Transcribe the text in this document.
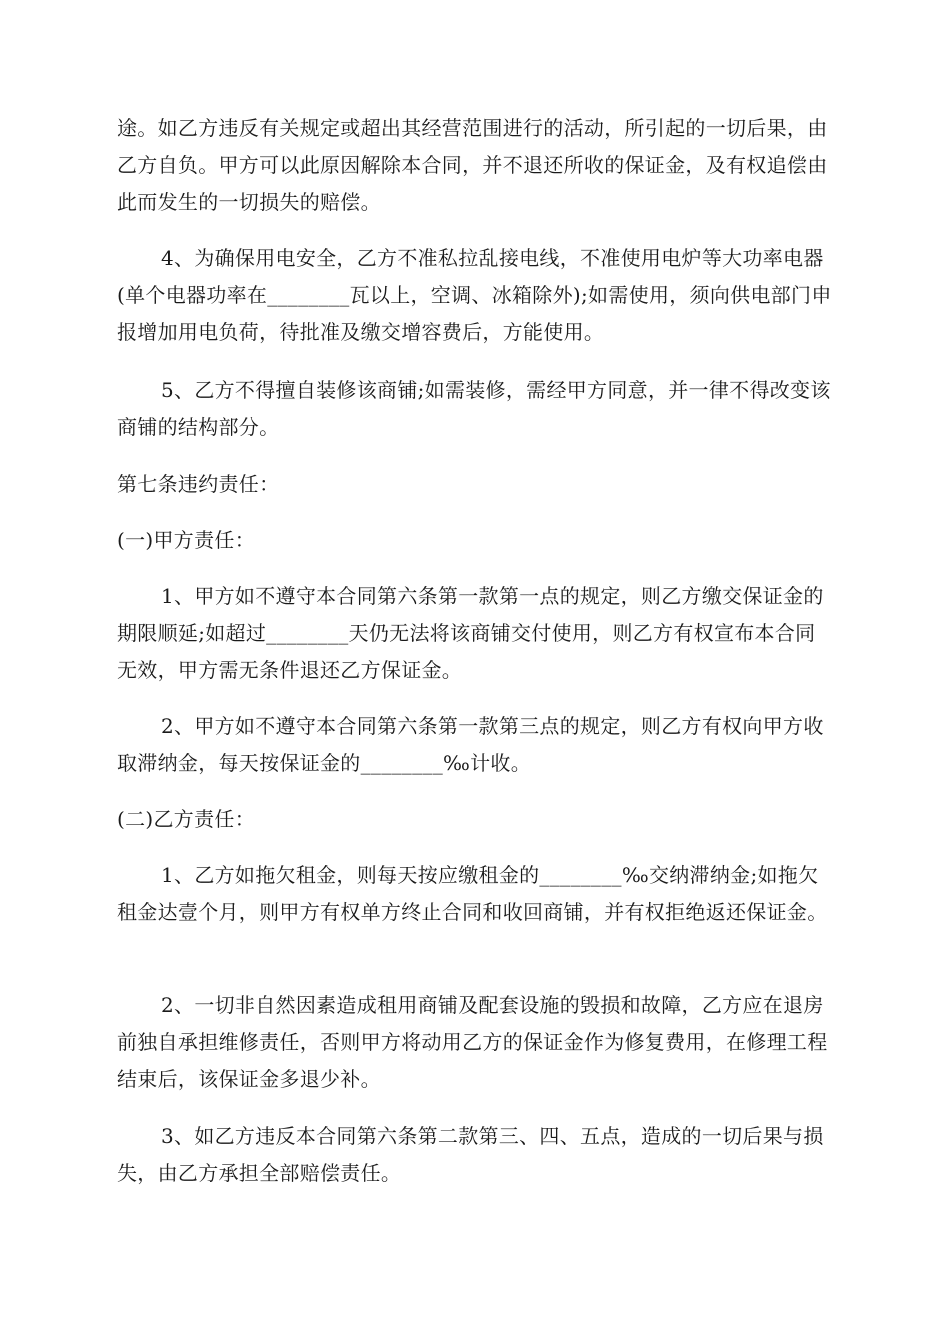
途。如乙方违反有关规定或超出其经营范围进行的活动，所引起的一切后果，由乙方自负。甲方可以此原因解除本合同，并不退还所收的保证金，及有权追偿由此而发生的一切损失的赔偿。
4、为确保用电安全，乙方不准私拉乱接电线，不准使用电炉等大功率电器(单个电器功率在________瓦以上，空调、冰箱除外);如需使用，须向供电部门申报增加用电负荷，待批准及缴交增容费后，方能使用。
5、乙方不得擅自装修该商铺;如需装修，需经甲方同意，并一律不得改变该商铺的结构部分。
第七条违约责任：
(一)甲方责任：
1、甲方如不遵守本合同第六条第一款第一点的规定，则乙方缴交保证金的期限顺延;如超过________天仍无法将该商铺交付使用，则乙方有权宣布本合同无效，甲方需无条件退还乙方保证金。
2、甲方如不遵守本合同第六条第一款第三点的规定，则乙方有权向甲方收取滞纳金，每天按保证金的________‰计收。
(二)乙方责任：
1、乙方如拖欠租金，则每天按应缴租金的________‰交纳滞纳金;如拖欠租金达壹个月，则甲方有权单方终止合同和收回商铺，并有权拒绝返还保证金。
2、一切非自然因素造成租用商铺及配套设施的毁损和故障，乙方应在退房前独自承担维修责任，否则甲方将动用乙方的保证金作为修复费用，在修理工程结束后，该保证金多退少补。
3、如乙方违反本合同第六条第二款第三、四、五点，造成的一切后果与损失，由乙方承担全部赔偿责任。
